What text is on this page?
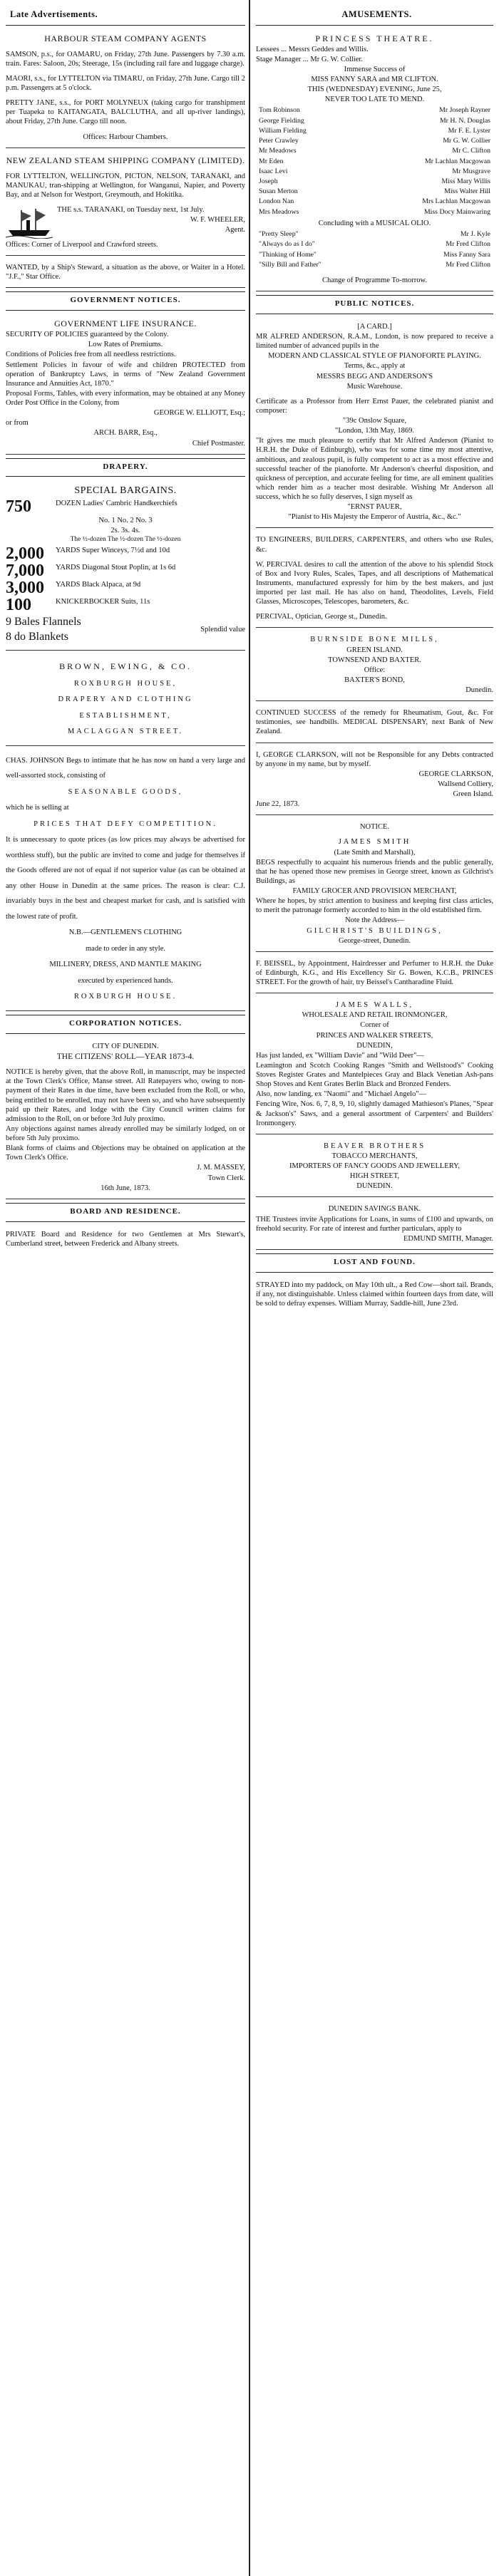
Late Advertisements.

HARBOUR STEAM COMPANY AGENTS

SAMSON, p.s., for OAMARU, on Friday, 27th June. Passengers by 7.30 a.m. train. Fares: Saloon, 20s; Steerage, 15s (including rail fare and luggage charge).

MAORI, s.s., for LYTTELTON via TIMARU, on Friday, 27th June. Cargo till 2 p.m. Passengers at 5 o'clock.

PRETTY JANE, s.s., for PORT MOLYNEUX (taking cargo for transhipment per Tuapeka to KAITANGATA, BALCLUTHA, and all up-river landings), about Friday, 27th June. Cargo till noon.

Offices: Harbour Chambers.

NEW ZEALAND STEAM SHIPPING COMPANY (LIMITED).

FOR LYTTELTON, WELLINGTON, PICTON, NELSON, TARANAKI, and MANUKAU, tran-shipping at Wellington, for Wanganui, Napier, and Poverty Bay, and at Nelson for Westport, Greymouth, and Hokitika.

THE s.s. TARANAKI, on Tuesday next, 1st July.

W. F. WHEELER,

Agent.

Offices: Corner of Liverpool and Crawford streets.

WANTED, by a Ship's Steward, a situation as the above, or Waiter in a Hotel. "J.F.," Star Office.

GOVERNMENT NOTICES.

GOVERNMENT LIFE INSURANCE.

SECURITY OF POLICIES guaranteed by the Colony.

Low Rates of Premiums.

Conditions of Policies free from all needless restrictions.

Settlement Policies in favour of wife and children PROTECTED from operation of Bankruptcy Laws, in terms of "New Zealand Government Insurance and Annuities Act, 1870."

Proposal Forms, Tables, with every information, may be obtained at any Money Order Post Office in the Colony, from

GEORGE W. ELLIOTT, Esq.;

or from

ARCH. BARR, Esq.,

Chief Postmaster.

DRAPERY.

SPECIAL BARGAINS.

750	DOZEN Ladies' Cambric Handkerchiefs

No. 1 No. 2 No. 3

2s. 3s. 4s.

The ½-dozen The ½-dozen The ½-dozen

2,000	YARDS Super Winceys, 7½d and 10d
7,000	YARDS Diagonal Stout Poplin, at 1s 6d
3,000	YARDS Black Alpaca, at 9d
100	KNICKERBOCKER Suits, 11s

9 Bales Flannels

8 do Blankets

Splendid value

BROWN, EWING, & CO.

ROXBURGH HOUSE,

DRAPERY AND CLOTHING

ESTABLISHMENT,

MACLAGGAN STREET.

CHAS. JOHNSON Begs to intimate that he has now on hand a very large and well-assorted stock, consisting of

SEASONABLE GOODS,

which he is selling at

PRICES THAT DEFY COMPETITION.

It is unnecessary to quote prices (as low prices may always be advertised for worthless stuff), but the public are invited to come and judge for themselves if the Goods offered are not of equal if not superior value (as can be obtained at any other House in Dunedin at the same prices. The reason is clear: C.J. invariably buys in the best and cheapest market for cash, and is satisfied with the lowest rate of profit.

N.B.—GENTLEMEN'S CLOTHING

made to order in any style.

MILLINERY, DRESS, AND MANTLE MAKING

executed by experienced hands.

ROXBURGH HOUSE.

CORPORATION NOTICES.

CITY OF DUNEDIN.

THE CITIZENS' ROLL—YEAR 1873-4.

NOTICE is hereby given, that the above Roll, in manuscript, may be inspected at the Town Clerk's Office, Manse street. All Ratepayers who, owing to non-payment of their Rates in due time, have been excluded from the Roll, or who, being entitled to be enrolled, may not have been so, and who have subsequently paid up their Rates, and lodge with the City Council written claims for admission to the Roll, on or before 3rd July proximo.

Any objections against names already enrolled may be similarly lodged, on or before 5th July proximo.

Blank forms of claims and Objections may be obtained on application at the Town Clerk's Office.

J. M. MASSEY,

Town Clerk.

16th June, 1873.

BOARD AND RESIDENCE.

PRIVATE Board and Residence for two Gentlemen at Mrs Stewart's, Cumberland street, between Frederick and Albany streets.

AMUSEMENTS.

PRINCESS THEATRE.

Lessees ... Messrs Geddes and Willis.

Stage Manager ... Mr G. W. Collier.

Immense Success of

MISS FANNY SARA and MR CLIFTON.

THIS (WEDNESDAY) EVENING, June 25,

NEVER TOO LATE TO MEND.

Tom Robinson	Mr Joseph Rayner
George Fielding	Mr H. N. Douglas
William Fielding	Mr F. E. Lyster
Peter Crawley	Mr G. W. Collier
Mr Meadows	Mr C. Clifton
Mr Eden	Mr Lachlan Macgowan
Isaac Levi	Mr Musgrave
Joseph	Miss Mary Willis
Susan Merton	Miss Walter Hill
London Nan	Mrs Lachlan Macgowan
Mrs Meadows	Miss Docy Mainwaring

Concluding with a MUSICAL OLIO.

"Pretty Sleep"	Mr J. Kyle
"Always do as I do"	Mr Fred Clifton
"Thinking of Home"	Miss Fanny Sara
"Silly Bill and Father"	Mr Fred Clifton

Change of Programme To-morrow.

PUBLIC NOTICES.

[A CARD.]

MR ALFRED ANDERSON, R.A.M., London, is now prepared to receive a limited number of advanced pupils in the

MODERN AND CLASSICAL STYLE OF PIANOFORTE PLAYING.

Terms, &c., apply at

MESSRS BEGG AND ANDERSON'S

Music Warehouse.

Certificate as a Professor from Herr Ernst Pauer, the celebrated pianist and composer:

"39c Onslow Square,

"London, 13th May, 1869.

"It gives me much pleasure to certify that Mr Alfred Anderson (Pianist to H.R.H. the Duke of Edinburgh), who was for some time my most attentive, ambitious, and zealous pupil, is fully competent to act as a most effective and successful teacher of the pianoforte. Mr Anderson's cheerful disposition, and quickness of perception, and accurate feeling for time, are all eminent qualities which render him as a teacher most desirable. Wishing Mr Anderson all success, which he so fully deserves, I sign myself as

"ERNST PAUER,

"Pianist to His Majesty the Emperor of Austria, &c., &c."

TO ENGINEERS, BUILDERS, CARPENTERS, and others who use Rules, &c.

W. PERCIVAL desires to call the attention of the above to his splendid Stock of Box and Ivory Rules, Scales, Tapes, and all descriptions of Mathematical Instruments, manufactured expressly for him by the best makers, and just imported per last mail. He has also on hand, Theodolites, Levels, Field Glasses, Microscopes, Telescopes, barometers, &c.

PERCIVAL, Optician, George st., Dunedin.

BURNSIDE BONE MILLS,

GREEN ISLAND.

TOWNSEND AND BAXTER.

Office:

BAXTER'S BOND,

Dunedin.

CONTINUED SUCCESS of the remedy for Rheumatism, Gout, &c. For testimonies, see handbills. MEDICAL DISPENSARY, next Bank of New Zealand.

I, GEORGE CLARKSON, will not be Responsible for any Debts contracted by anyone in my name, but by myself.

GEORGE CLARKSON,

Wallsend Colliery,

Green Island.

June 22, 1873.

NOTICE.

JAMES SMITH

(Late Smith and Marshall),

BEGS respectfully to acquaint his numerous friends and the public generally, that he has opened those new premises in George street, known as Gilchrist's Buildings, as

FAMILY GROCER AND PROVISION MERCHANT,

Where he hopes, by strict attention to business and keeping first class articles, to merit the patronage formerly accorded to him in the old established firm.

Note the Address—

GILCHRIST'S BUILDINGS,

George-street, Dunedin.

F. BEISSEL, by Appointment, Hairdresser and Perfumer to H.R.H. the Duke of Edinburgh, K.G., and His Excellency Sir G. Bowen, K.C.B., PRINCES STREET. For the growth of hair, try Beissel's Cantharadine Fluid.

JAMES WALLS,

WHOLESALE AND RETAIL IRONMONGER,

Corner of

PRINCES AND WALKER STREETS,

DUNEDIN,

Has just landed, ex "William Davie" and "Wild Deer"—

Leamington and Scotch Cooking Ranges "Smith and Wellstood's" Cooking Stoves Register Grates and Mantelpieces Gray and Black Venetian Ash-pans Shop Stoves and Kent Grates Berlin Black and Bronzed Fenders.

Also, now landing, ex "Naomi" and "Michael Angelo"—

Fencing Wire, Nos. 6, 7, 8, 9, 10, slightly damaged Mathieson's Planes, "Spear & Jackson's" Saws, and a general assortment of Carpenters' and Builders' Ironmongery.

BEAVER BROTHERS

TOBACCO MERCHANTS,

IMPORTERS OF FANCY GOODS AND JEWELLERY,

HIGH STREET,

DUNEDIN.

DUNEDIN SAVINGS BANK.

THE Trustees invite Applications for Loans, in sums of £100 and upwards, on freehold security. For rate of interest and further particulars, apply to

EDMUND SMITH, Manager.

LOST AND FOUND.

STRAYED into my paddock, on May 10th ult., a Red Cow—short tail. Brands, if any, not distinguishable. Unless claimed within fourteen days from date, will be sold to defray expenses. William Murray, Saddle-hill, June 23rd.
